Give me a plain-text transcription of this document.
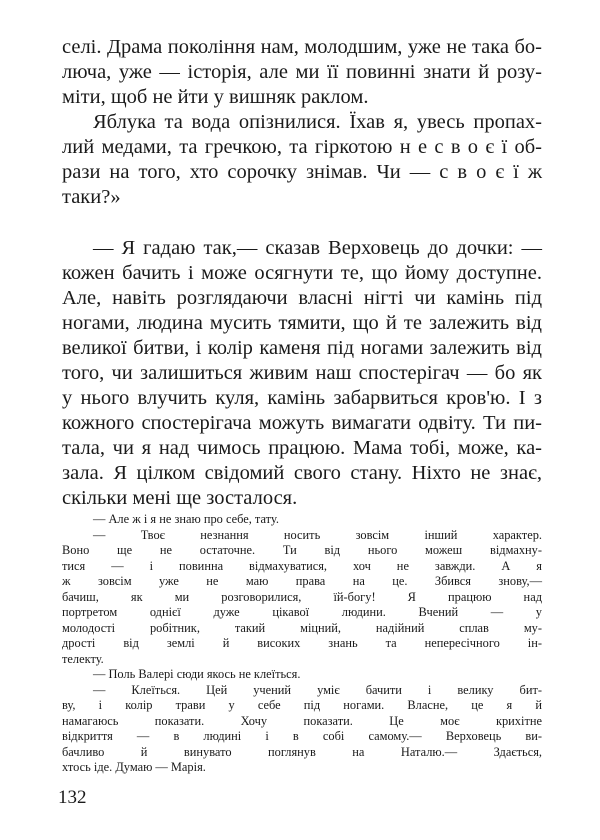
селі. Драма покоління нам, молодшим, уже не така бо-
люча, уже — історія, але ми її повинні знати й розу-
міти, щоб не йти у вишняк раклом.
Яблука та вода опізнилися. Їхав я, увесь пропах-
лий медами, та гречкою, та гіркотою н е с в о є ї об-
рази на того, хто сорочку знімав. Чи — с в о є ї ж
таки?»
— Я гадаю так,— сказав Верховець до дочки: —
кожен бачить і може осягнути те, що йому доступне.
Але, навіть розглядаючи власні нігті чи камінь під
ногами, людина мусить тямити, що й те залежить від
великої битви, і колір каменя під ногами залежить від
того, чи залишиться живим наш спостерігач — бо як
у нього влучить куля, камінь забарвиться кров'ю. І з
кожного спостерігача можуть вимагати одвіту. Ти пи-
тала, чи я над чимось працюю. Мама тобі, може, ка-
зала. Я цілком свідомий свого стану. Ніхто не знає,
скільки мені ще зосталося.
— Але ж і я не знаю про себе, тату.
— Твоє незнання носить зовсім інший характер.
Воно ще не остаточне. Ти від нього можеш відмахну-
тися — і повинна відмахуватися, хоч не завжди. А я
ж зовсім уже не маю права на це. Збився знову,—
бачиш, як ми розговорилися, їй-богу! Я працюю над
портретом однієї дуже цікавої людини. Вчений — у
молодості робітник, такий міцний, надійний сплав му-
дрості від землі й високих знань та непересічного ін-
телекту.
— Поль Валері сюди якось не клеїться.
— Клеїться. Цей учений уміє бачити і велику бит-
ву, і колір трави у себе під ногами. Власне, це я й
намагаюсь показати. Хочу показати. Це моє крихітне
відкриття — в людині і в собі самому.— Верховець ви-
бачливо й винувато поглянув на Наталю.— Здається,
хтось іде. Думаю — Марія.
132
